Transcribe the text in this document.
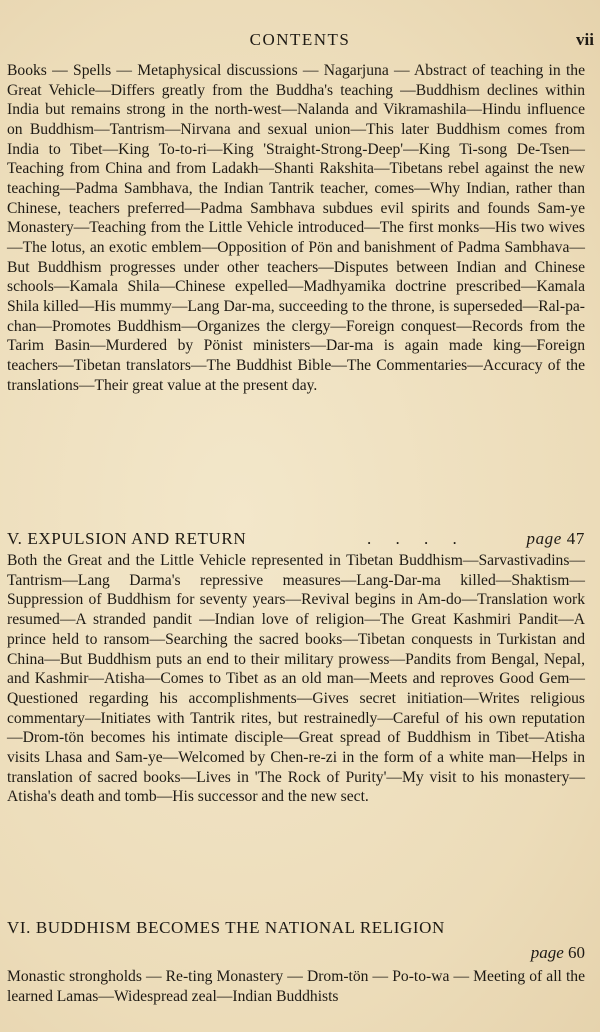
CONTENTS	vii

Books — Spells — Metaphysical discussions — Nagarjuna — Abstract of teaching in the Great Vehicle—Differs greatly from the Buddha's teaching —Buddhism declines within India but remains strong in the north-west—Nalanda and Vikramashila—Hindu influence on Buddhism—Tantrism—Nirvana and sexual union—This later Buddhism comes from India to Tibet—King To-to-ri—King 'Straight-Strong-Deep'—King Ti-song De-Tsen—Teaching from China and from Ladakh—Shanti Rakshita—Tibetans rebel against the new teaching—Padma Sambhava, the Indian Tantrik teacher, comes—Why Indian, rather than Chinese, teachers preferred—Padma Sambhava subdues evil spirits and founds Sam-ye Monastery—Teaching from the Little Vehicle introduced—The first monks—His two wives—The lotus, an exotic emblem—Opposition of Pön and banishment of Padma Sambhava—But Buddhism progresses under other teachers—Disputes between Indian and Chinese schools—Kamala Shila—Chinese expelled—Madhyamika doctrine prescribed—Kamala Shila killed—His mummy—Lang Dar-ma, succeeding to the throne, is superseded—Ral-pa-chan—Promotes Buddhism—Organizes the clergy—Foreign conquest—Records from the Tarim Basin—Murdered by Pönist ministers—Dar-ma is again made king—Foreign teachers—Tibetan translators—The Buddhist Bible—The Commentaries—Accuracy of the translations—Their great value at the present day.

V. EXPULSION AND RETURN	. . . .	page 47

Both the Great and the Little Vehicle represented in Tibetan Buddhism—Sarvastivadins—Tantrism—Lang Darma's repressive measures—Lang-Dar-ma killed—Shaktism—Suppression of Buddhism for seventy years—Revival begins in Am-do—Translation work resumed—A stranded pandit —Indian love of religion—The Great Kashmiri Pandit—A prince held to ransom—Searching the sacred books—Tibetan conquests in Turkistan and China—But Buddhism puts an end to their military prowess—Pandits from Bengal, Nepal, and Kashmir—Atisha—Comes to Tibet as an old man—Meets and reproves Good Gem—Questioned regarding his accomplishments—Gives secret initiation—Writes religious commentary—Initiates with Tantrik rites, but restrainedly—Careful of his own reputation —Drom-tön becomes his intimate disciple—Great spread of Buddhism in Tibet—Atisha visits Lhasa and Sam-ye—Welcomed by Chen-re-zi in the form of a white man—Helps in translation of sacred books—Lives in 'The Rock of Purity'—My visit to his monastery—Atisha's death and tomb—His successor and the new sect.

VI. BUDDHISM BECOMES THE NATIONAL RELIGION
page 60

Monastic strongholds — Re-ting Monastery — Drom-tön — Po-to-wa — Meeting of all the learned Lamas—Widespread zeal—Indian Buddhists
